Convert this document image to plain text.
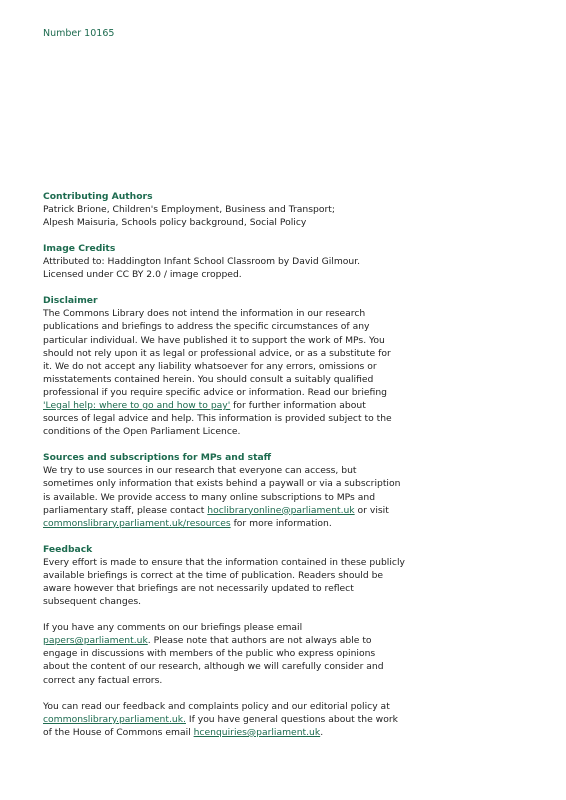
Number 10165
Contributing Authors
Patrick Brione, Children's Employment, Business and Transport;
Alpesh Maisuria, Schools policy background, Social Policy
Image Credits
Attributed to: Haddington Infant School Classroom by David Gilmour.
Licensed under CC BY 2.0 / image cropped.
Disclaimer
The Commons Library does not intend the information in our research
publications and briefings to address the specific circumstances of any
particular individual. We have published it to support the work of MPs. You
should not rely upon it as legal or professional advice, or as a substitute for
it. We do not accept any liability whatsoever for any errors, omissions or
misstatements contained herein. You should consult a suitably qualified
professional if you require specific advice or information. Read our briefing
'Legal help: where to go and how to pay' for further information about
sources of legal advice and help. This information is provided subject to the
conditions of the Open Parliament Licence.
Sources and subscriptions for MPs and staff
We try to use sources in our research that everyone can access, but
sometimes only information that exists behind a paywall or via a subscription
is available. We provide access to many online subscriptions to MPs and
parliamentary staff, please contact hoclibraryonline@parliament.uk or visit
commonslibrary.parliament.uk/resources for more information.
Feedback
Every effort is made to ensure that the information contained in these publicly
available briefings is correct at the time of publication. Readers should be
aware however that briefings are not necessarily updated to reflect
subsequent changes.
If you have any comments on our briefings please email
papers@parliament.uk. Please note that authors are not always able to
engage in discussions with members of the public who express opinions
about the content of our research, although we will carefully consider and
correct any factual errors.
You can read our feedback and complaints policy and our editorial policy at
commonslibrary.parliament.uk. If you have general questions about the work
of the House of Commons email hcenquiries@parliament.uk.
